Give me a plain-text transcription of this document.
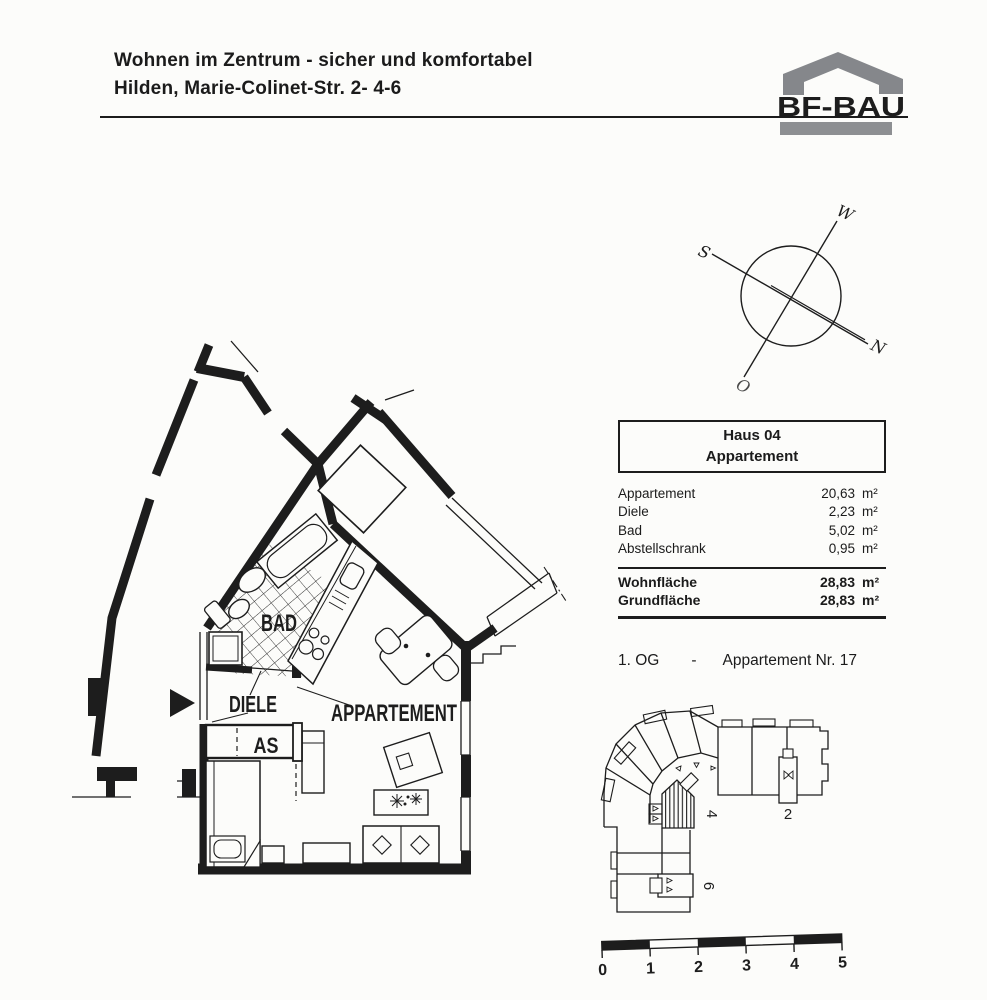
Wohnen im Zentrum - sicher und komfortabel
Hilden, Marie-Colinet-Str. 2- 4-6
BF-BAU
W
S
N
O
Haus 04
Appartement
Appartement	20,63 m²
Diele	2,23 m²
Bad	5,02 m²
Abstellschrank	0,95 m²
Wohnfläche	28,83 m²
Grundfläche	28,83 m²
1. OG - Appartement Nr. 17
BAD
DIELE
AS
APPARTEMENT
4	2
6
0 1 2 3 4 5
